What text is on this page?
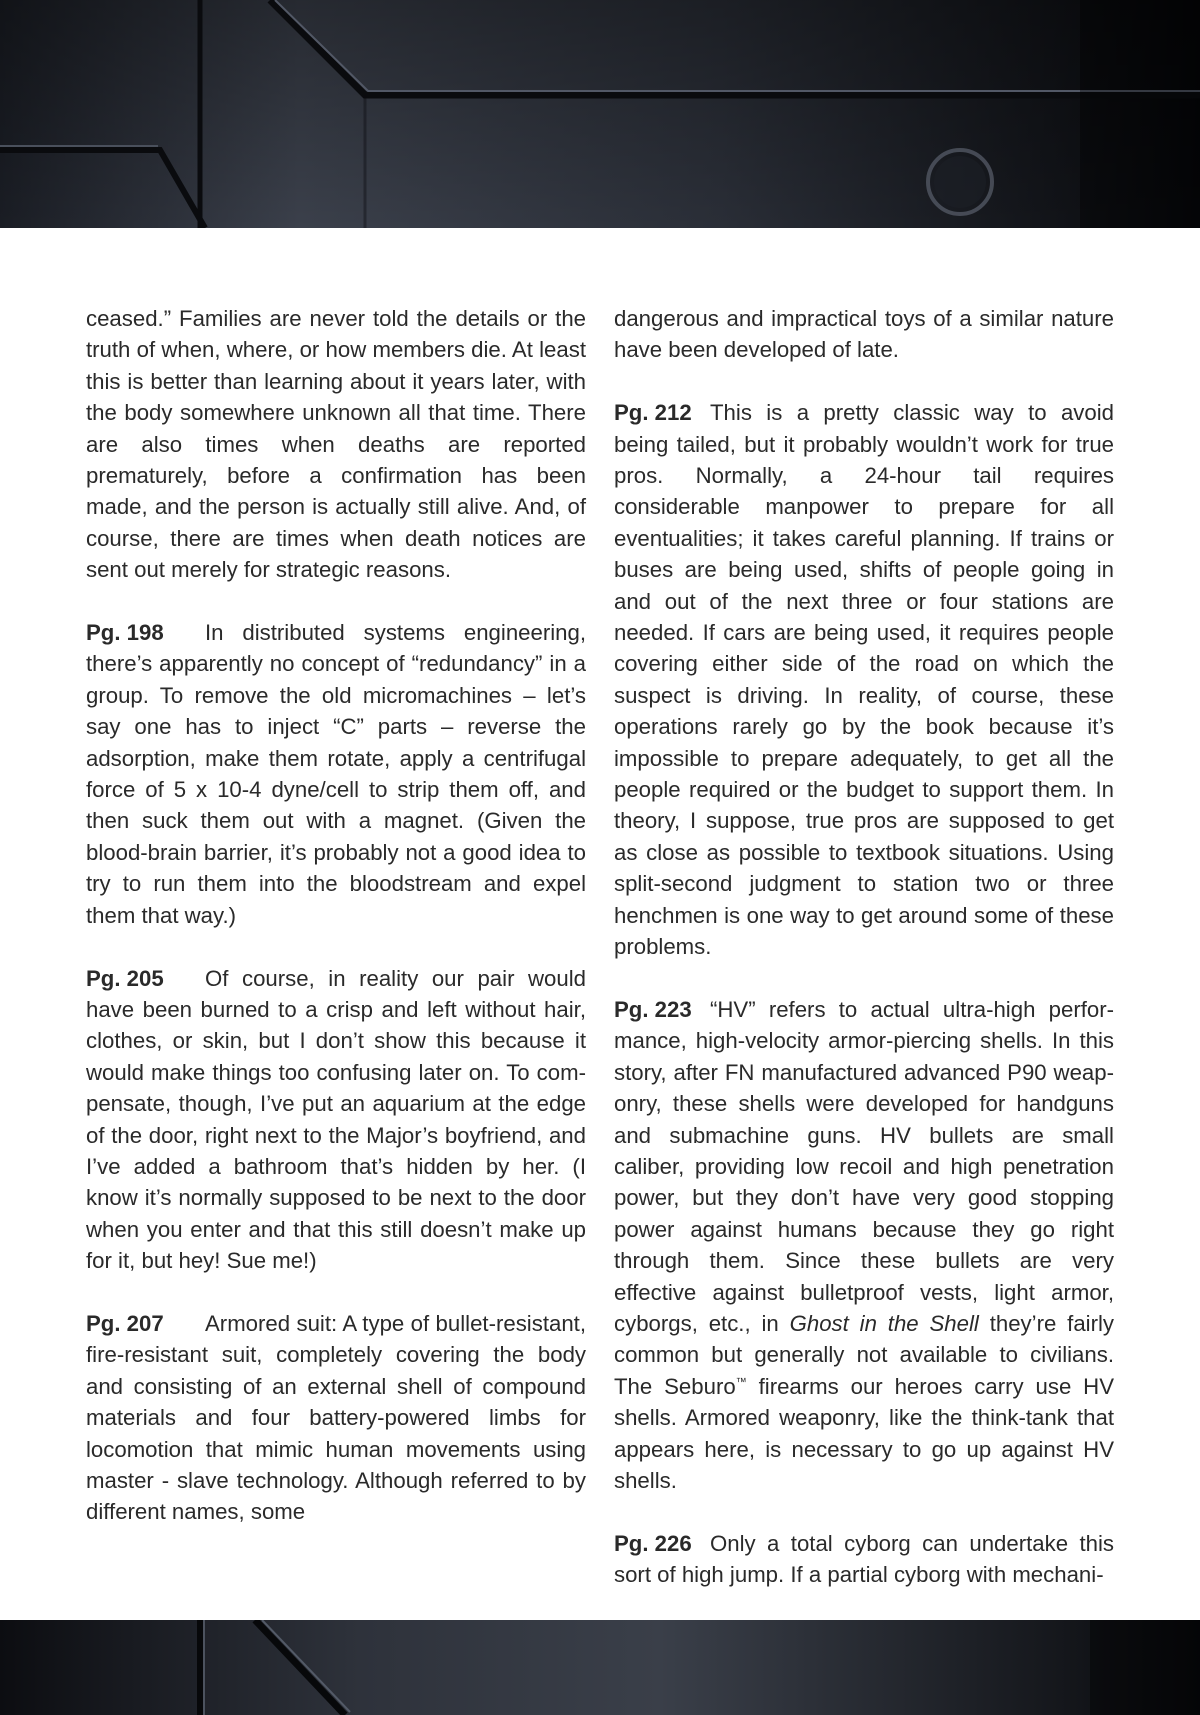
ceased.” Families are never told the details or the truth of when, where, or how members die. At least this is better than learning about it years later, with the body somewhere unknown all that time. There are also times when deaths are reported prematurely, before a confirmation has been made, and the person is actually still alive. And, of course, there are times when death notices are sent out merely for strategic reasons.

Pg. 198 In distributed systems engineering, there’s apparently no concept of “redundancy” in a group. To remove the old micromachines – let’s say one has to inject “C” parts – reverse the adsorption, make them rotate, apply a centrifugal force of 5 x 10-4 dyne/cell to strip them off, and then suck them out with a magnet. (Given the blood-brain barrier, it’s probably not a good idea to try to run them into the bloodstream and expel them that way.)

Pg. 205 Of course, in reality our pair would have been burned to a crisp and left without hair, clothes, or skin, but I don’t show this because it would make things too confusing later on. To compensate, though, I’ve put an aquarium at the edge of the door, right next to the Major’s boyfriend, and I’ve added a bathroom that’s hidden by her. (I know it’s normally supposed to be next to the door when you enter and that this still doesn’t make up for it, but hey! Sue me!)

Pg. 207 Armored suit: A type of bullet-resistant, fire-resistant suit, completely covering the body and consisting of an external shell of compound materials and four battery-powered limbs for locomotion that mimic human movements using master - slave technology. Although referred to by different names, some

dangerous and impractical toys of a similar nature have been developed of late.

Pg. 212 This is a pretty classic way to avoid being tailed, but it probably wouldn’t work for true pros. Normally, a 24-hour tail requires considerable manpower to prepare for all eventualities; it takes careful planning. If trains or buses are being used, shifts of people going in and out of the next three or four stations are needed. If cars are being used, it requires people covering either side of the road on which the suspect is driving. In reality, of course, these operations rarely go by the book because it’s impossible to prepare adequately, to get all the people required or the budget to support them. In theory, I suppose, true pros are supposed to get as close as possible to textbook situations. Using split-second judgment to station two or three henchmen is one way to get around some of these problems.

Pg. 223 “HV” refers to actual ultra-high performance, high-velocity armor-piercing shells. In this story, after FN manufactured advanced P90 weaponry, these shells were developed for handguns and submachine guns. HV bullets are small caliber, providing low recoil and high penetration power, but they don’t have very good stopping power against humans because they go right through them. Since these bullets are very effective against bulletproof vests, light armor, cyborgs, etc., in Ghost in the Shell they’re fairly common but generally not available to civilians. The Seburo™ firearms our heroes carry use HV shells. Armored weaponry, like the think-tank that appears here, is necessary to go up against HV shells.

Pg. 226 Only a total cyborg can undertake this sort of high jump. If a partial cyborg with mechani-
